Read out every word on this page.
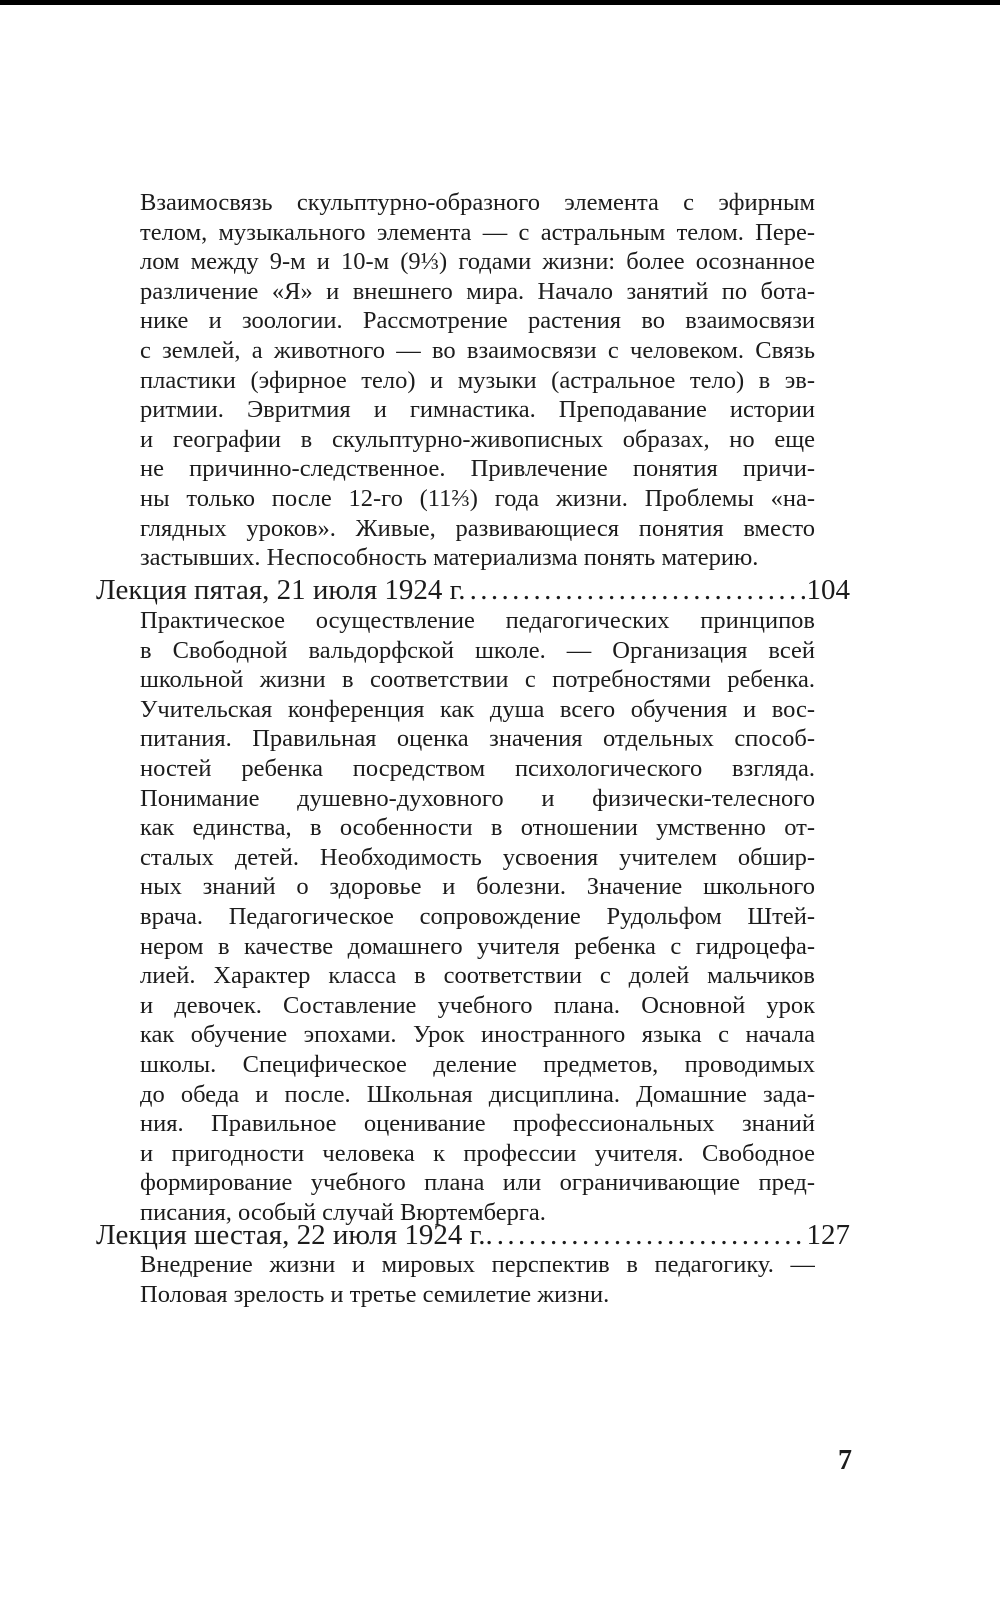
Взаимосвязь скульптурно-образного элемента с эфирным
телом, музыкального элемента — с астральным телом. Пере-
лом между 9-м и 10-м (9⅓) годами жизни: более осознанное
различение «Я» и внешнего мира. Начало занятий по бота-
нике и зоологии. Рассмотрение растения во взаимосвязи
с землей, а животного — во взаимосвязи с человеком. Связь
пластики (эфирное тело) и музыки (астральное тело) в эв-
ритмии. Эвритмия и гимнастика. Преподавание истории
и географии в скульптурно-живописных образах, но еще
не причинно-следственное. Привлечение понятия причи-
ны только после 12-го (11⅔) года жизни. Проблемы «на-
глядных уроков». Живые, развивающиеся понятия вместо
застывших. Неспособность материализма понять материю.
Лекция пятая, 21 июля 1924 г. .....	104
Практическое осуществление педагогических принципов
в Свободной вальдорфской школе. — Организация всей
школьной жизни в соответствии с потребностями ребенка.
Учительская конференция как душа всего обучения и вос-
питания. Правильная оценка значения отдельных способ-
ностей ребенка посредством психологического взгляда.
Понимание душевно-духовного и физически-телесного
как единства, в особенности в отношении умственно от-
сталых детей. Необходимость усвоения учителем обшир-
ных знаний о здоровье и болезни. Значение школьного
врача. Педагогическое сопровождение Рудольфом Штей-
нером в качестве домашнего учителя ребенка с гидроцефа-
лией. Характер класса в соответствии с долей мальчиков
и девочек. Составление учебного плана. Основной урок
как обучение эпохами. Урок иностранного языка с начала
школы. Специфическое деление предметов, проводимых
до обеда и после. Школьная дисциплина. Домашние зада-
ния. Правильное оценивание профессиональных знаний
и пригодности человека к профессии учителя. Свободное
формирование учебного плана или ограничивающие пред-
писания, особый случай Вюртемберга.
Лекция шестая, 22 июля 1924 г.. .....	127
Внедрение жизни и мировых перспектив в педагогику. —
Половая зрелость и третье семилетие жизни.
7
